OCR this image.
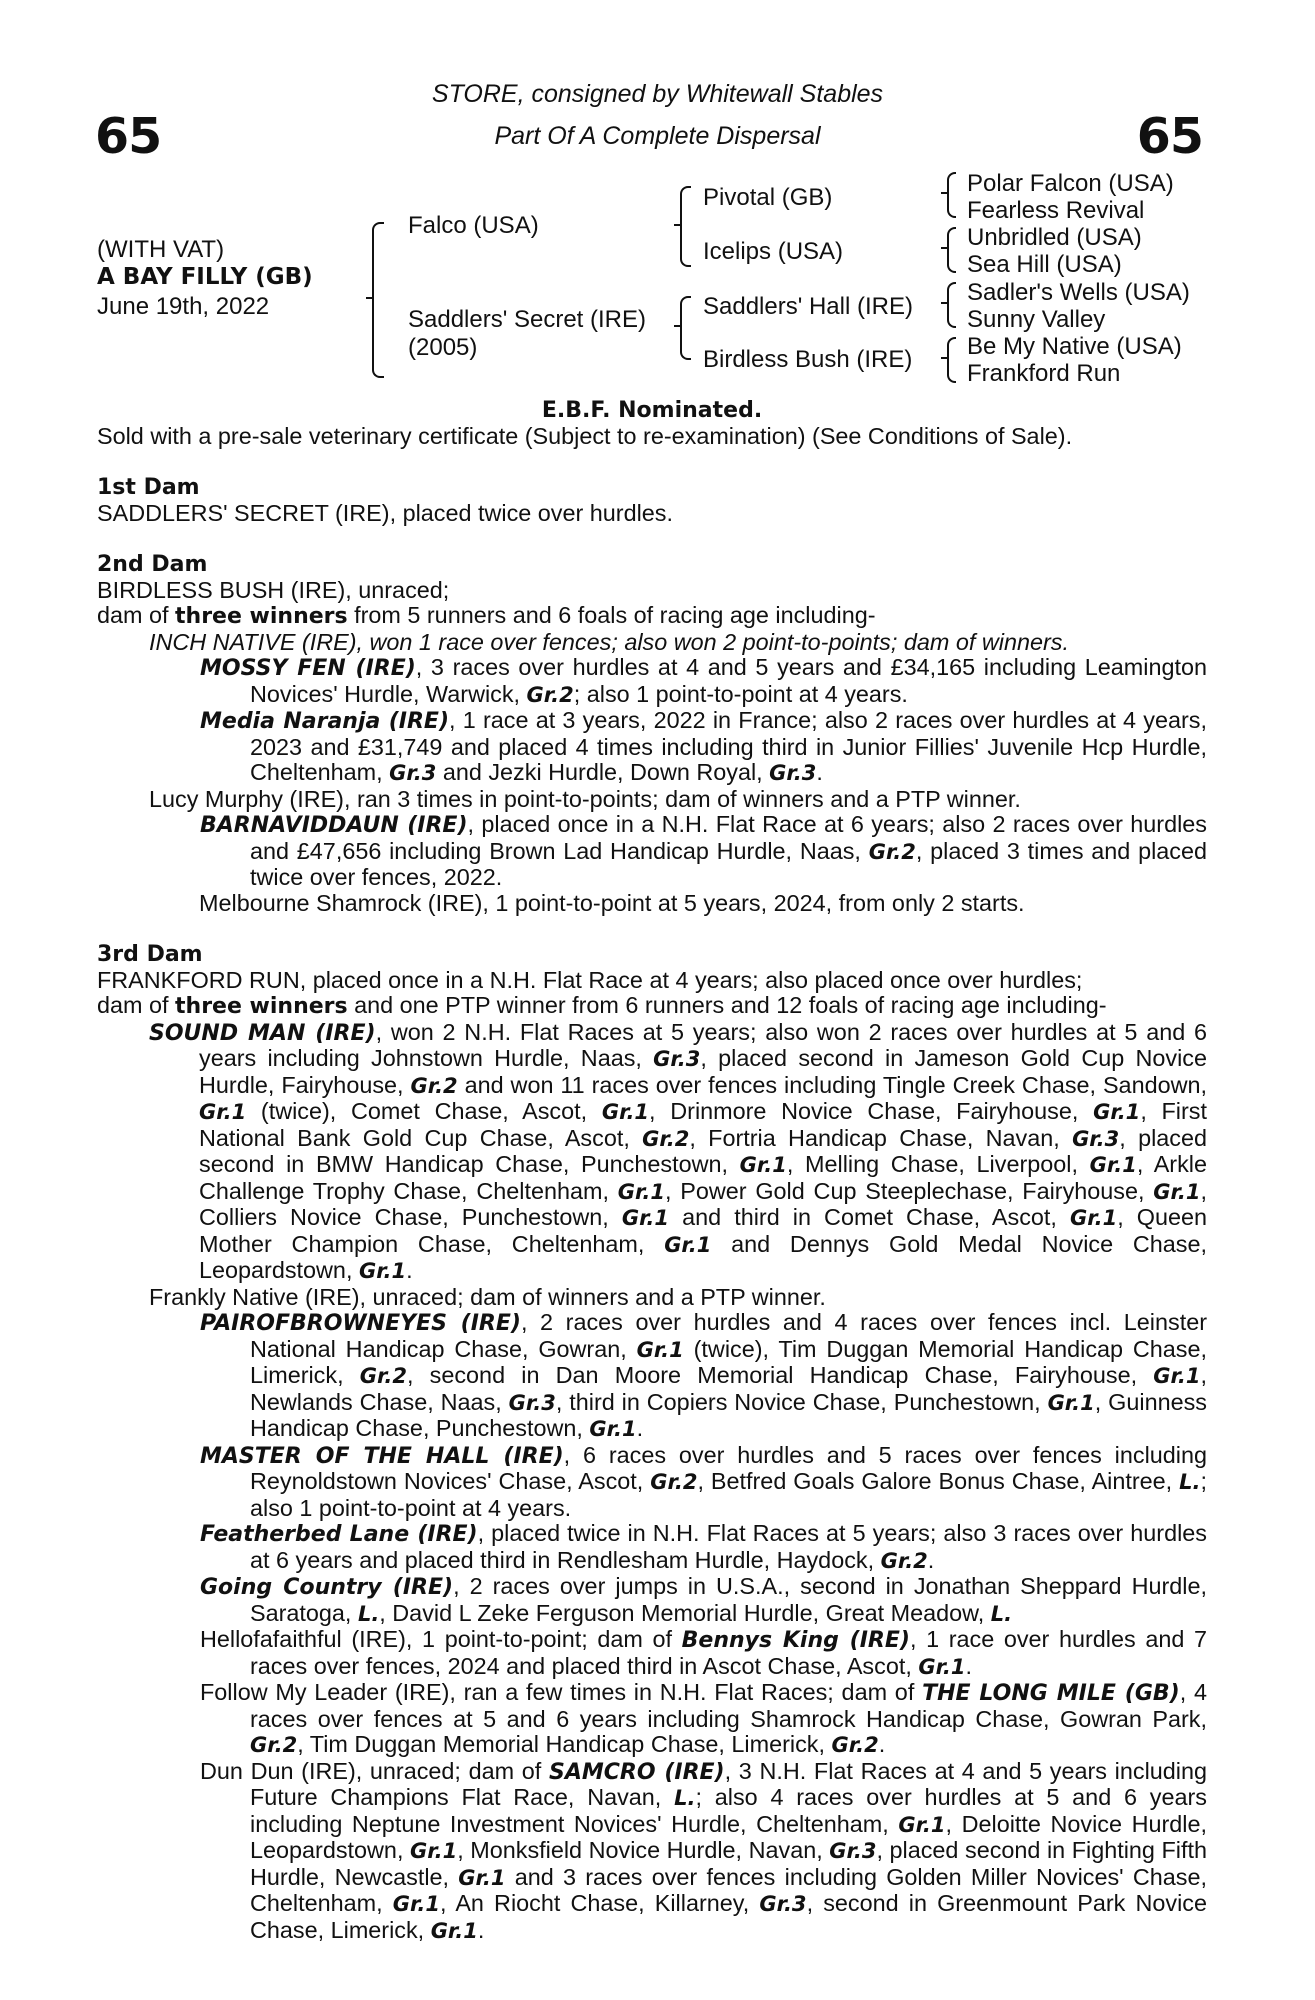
65	65
STORE, consigned by Whitewall Stables
Part Of A Complete Dispersal
(WITH VAT)
A BAY FILLY (GB)
June 19th, 2022
Falco (USA)
Saddlers' Secret (IRE)
(2005)
Pivotal (GB)
Icelips (USA)
Saddlers' Hall (IRE)
Birdless Bush (IRE)
Polar Falcon (USA)
Fearless Revival
Unbridled (USA)
Sea Hill (USA)
Sadler's Wells (USA)
Sunny Valley
Be My Native (USA)
Frankford Run

E.B.F. Nominated.

Sold with a pre-sale veterinary certificate (Subject to re-examination) (See Conditions of Sale).

1st Dam

SADDLERS' SECRET (IRE), placed twice over hurdles.

2nd Dam

BIRDLESS BUSH (IRE), unraced;

dam of three winners from 5 runners and 6 foals of racing age including-

INCH NATIVE (IRE), won 1 race over fences; also won 2 point-to-points; dam of winners.

MOSSY FEN (IRE), 3 races over hurdles at 4 and 5 years and £34,165 including Leamington Novices' Hurdle, Warwick, Gr.2; also 1 point-to-point at 4 years.

Media Naranja (IRE), 1 race at 3 years, 2022 in France; also 2 races over hurdles at 4 years, 2023 and £31,749 and placed 4 times including third in Junior Fillies' Juvenile Hcp Hurdle, Cheltenham, Gr.3 and Jezki Hurdle, Down Royal, Gr.3.

Lucy Murphy (IRE), ran 3 times in point-to-points; dam of winners and a PTP winner.

BARNAVIDDAUN (IRE), placed once in a N.H. Flat Race at 6 years; also 2 races over hurdles and £47,656 including Brown Lad Handicap Hurdle, Naas, Gr.2, placed 3 times and placed twice over fences, 2022.

Melbourne Shamrock (IRE), 1 point-to-point at 5 years, 2024, from only 2 starts.

3rd Dam

FRANKFORD RUN, placed once in a N.H. Flat Race at 4 years; also placed once over hurdles;

dam of three winners and one PTP winner from 6 runners and 12 foals of racing age including-

SOUND MAN (IRE), won 2 N.H. Flat Races at 5 years; also won 2 races over hurdles at 5 and 6 years including Johnstown Hurdle, Naas, Gr.3, placed second in Jameson Gold Cup Novice Hurdle, Fairyhouse, Gr.2 and won 11 races over fences including Tingle Creek Chase, Sandown, Gr.1 (twice), Comet Chase, Ascot, Gr.1, Drinmore Novice Chase, Fairyhouse, Gr.1, First National Bank Gold Cup Chase, Ascot, Gr.2, Fortria Handicap Chase, Navan, Gr.3, placed second in BMW Handicap Chase, Punchestown, Gr.1, Melling Chase, Liverpool, Gr.1, Arkle Challenge Trophy Chase, Cheltenham, Gr.1, Power Gold Cup Steeplechase, Fairyhouse, Gr.1, Colliers Novice Chase, Punchestown, Gr.1 and third in Comet Chase, Ascot, Gr.1, Queen Mother Champion Chase, Cheltenham, Gr.1 and Dennys Gold Medal Novice Chase, Leopardstown, Gr.1.

Frankly Native (IRE), unraced; dam of winners and a PTP winner.

PAIROFBROWNEYES (IRE), 2 races over hurdles and 4 races over fences incl. Leinster National Handicap Chase, Gowran, Gr.1 (twice), Tim Duggan Memorial Handicap Chase, Limerick, Gr.2, second in Dan Moore Memorial Handicap Chase, Fairyhouse, Gr.1, Newlands Chase, Naas, Gr.3, third in Copiers Novice Chase, Punchestown, Gr.1, Guinness Handicap Chase, Punchestown, Gr.1.

MASTER OF THE HALL (IRE), 6 races over hurdles and 5 races over fences including Reynoldstown Novices' Chase, Ascot, Gr.2, Betfred Goals Galore Bonus Chase, Aintree, L.; also 1 point-to-point at 4 years.

Featherbed Lane (IRE), placed twice in N.H. Flat Races at 5 years; also 3 races over hurdles at 6 years and placed third in Rendlesham Hurdle, Haydock, Gr.2.

Going Country (IRE), 2 races over jumps in U.S.A., second in Jonathan Sheppard Hurdle, Saratoga, L., David L Zeke Ferguson Memorial Hurdle, Great Meadow, L.

Hellofafaithful (IRE), 1 point-to-point; dam of Bennys King (IRE), 1 race over hurdles and 7 races over fences, 2024 and placed third in Ascot Chase, Ascot, Gr.1.

Follow My Leader (IRE), ran a few times in N.H. Flat Races; dam of THE LONG MILE (GB), 4 races over fences at 5 and 6 years including Shamrock Handicap Chase, Gowran Park, Gr.2, Tim Duggan Memorial Handicap Chase, Limerick, Gr.2.

Dun Dun (IRE), unraced; dam of SAMCRO (IRE), 3 N.H. Flat Races at 4 and 5 years including Future Champions Flat Race, Navan, L.; also 4 races over hurdles at 5 and 6 years including Neptune Investment Novices' Hurdle, Cheltenham, Gr.1, Deloitte Novice Hurdle, Leopardstown, Gr.1, Monksfield Novice Hurdle, Navan, Gr.3, placed second in Fighting Fifth Hurdle, Newcastle, Gr.1 and 3 races over fences including Golden Miller Novices' Chase, Cheltenham, Gr.1, An Riocht Chase, Killarney, Gr.3, second in Greenmount Park Novice Chase, Limerick, Gr.1.
